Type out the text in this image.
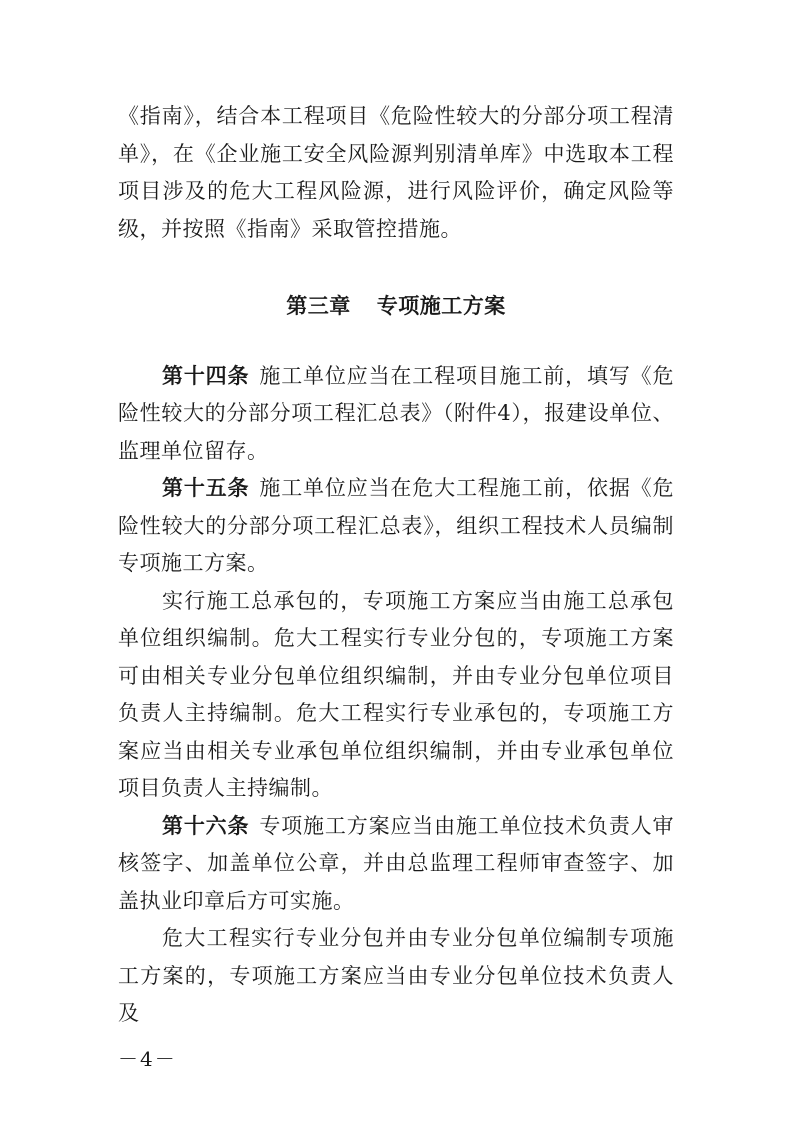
《指南》，结合本工程项目《危险性较大的分部分项工程清单》，在《企业施工安全风险源判别清单库》中选取本工程项目涉及的危大工程风险源，进行风险评价，确定风险等级，并按照《指南》采取管控措施。

第三章 专项施工方案

第十四条 施工单位应当在工程项目施工前，填写《危险性较大的分部分项工程汇总表》（附件4），报建设单位、监理单位留存。

第十五条 施工单位应当在危大工程施工前，依据《危险性较大的分部分项工程汇总表》，组织工程技术人员编制专项施工方案。

实行施工总承包的，专项施工方案应当由施工总承包单位组织编制。危大工程实行专业分包的，专项施工方案可由相关专业分包单位组织编制，并由专业分包单位项目负责人主持编制。危大工程实行专业承包的，专项施工方案应当由相关专业承包单位组织编制，并由专业承包单位项目负责人主持编制。

第十六条 专项施工方案应当由施工单位技术负责人审核签字、加盖单位公章，并由总监理工程师审查签字、加盖执业印章后方可实施。

危大工程实行专业分包并由专业分包单位编制专项施工方案的，专项施工方案应当由专业分包单位技术负责人及

－4－
